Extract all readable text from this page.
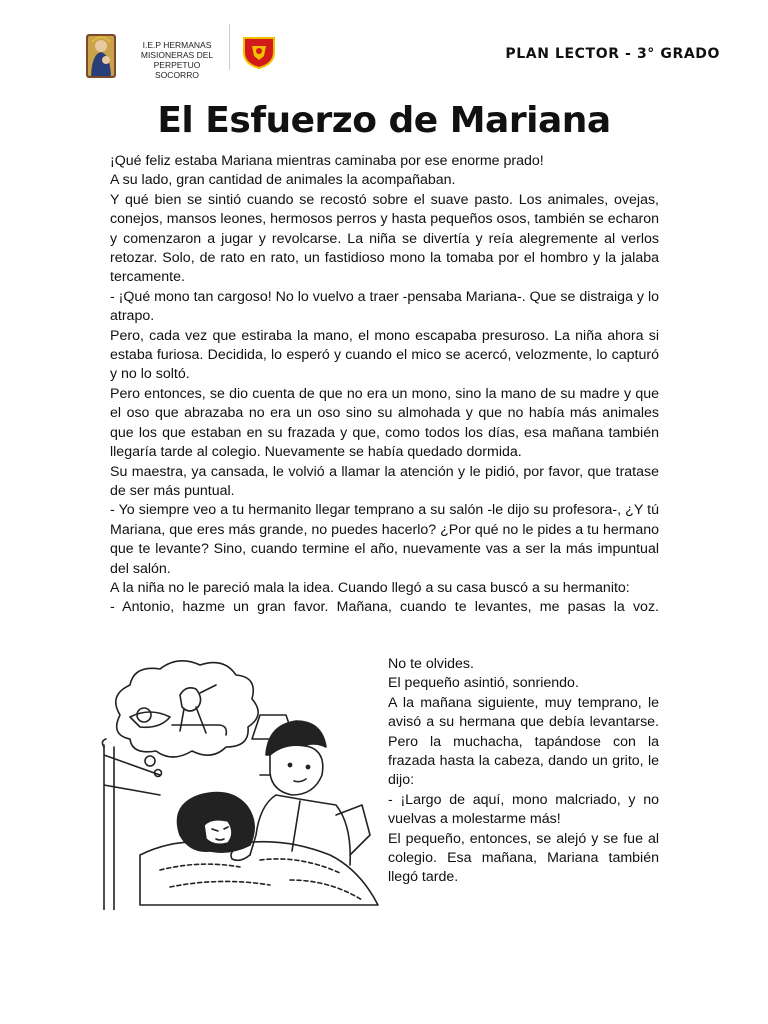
I.E.P HERMANAS
MISIONERAS DEL PERPETUO
SOCORRO
PLAN LECTOR - 3° GRADO
El Esfuerzo de Mariana

¡Qué feliz estaba Mariana mientras caminaba por ese enorme prado!

A su lado, gran cantidad de animales la acompañaban.

Y qué bien se sintió cuando se recostó sobre el suave pasto. Los animales, ovejas, conejos, mansos leones, hermosos perros y hasta pequeños osos, también se echaron y comenzaron a jugar y revolcarse. La niña se divertía y reía alegremente al verlos retozar. Solo, de rato en rato, un fastidioso mono la tomaba por el hombro y la jalaba tercamente.

- ¡Qué mono tan cargoso! No lo vuelvo a traer -pensaba Mariana-. Que se distraiga y lo atrapo.

Pero, cada vez que estiraba la mano, el mono escapaba presuroso. La niña ahora si estaba furiosa. Decidida, lo esperó y cuando el mico se acercó, velozmente, lo capturó y no lo soltó.

Pero entonces, se dio cuenta de que no era un mono, sino la mano de su madre y que el oso que abrazaba no era un oso sino su almohada y que no había más animales que los que estaban en su frazada y que, como todos los días, esa mañana también llegaría tarde al colegio. Nuevamente se había quedado dormida.

Su maestra, ya cansada, le volvió a llamar la atención y le pidió, por favor, que tratase de ser más puntual.

- Yo siempre veo a tu hermanito llegar temprano a su salón -le dijo su profesora-, ¿Y tú Mariana, que eres más grande, no puedes hacerlo? ¿Por qué no le pides a tu hermano que te levante? Sino, cuando termine el año, nuevamente vas a ser la más impuntual del salón.

A la niña no le pareció mala la idea. Cuando llegó a su casa buscó a su hermanito:

- Antonio, hazme un gran favor. Mañana, cuando te levantes, me pasas la voz.

No te olvides.

El pequeño asintió, sonriendo.

A la mañana siguiente, muy temprano, le avisó a su hermana que debía levantarse. Pero la muchacha, tapándose con la frazada hasta la cabeza, dando un grito, le dijo:

- ¡Largo de aquí, mono malcriado, y no vuelvas a molestarme más!

El pequeño, entonces, se alejó y se fue al colegio. Esa mañana, Mariana también llegó tarde.
